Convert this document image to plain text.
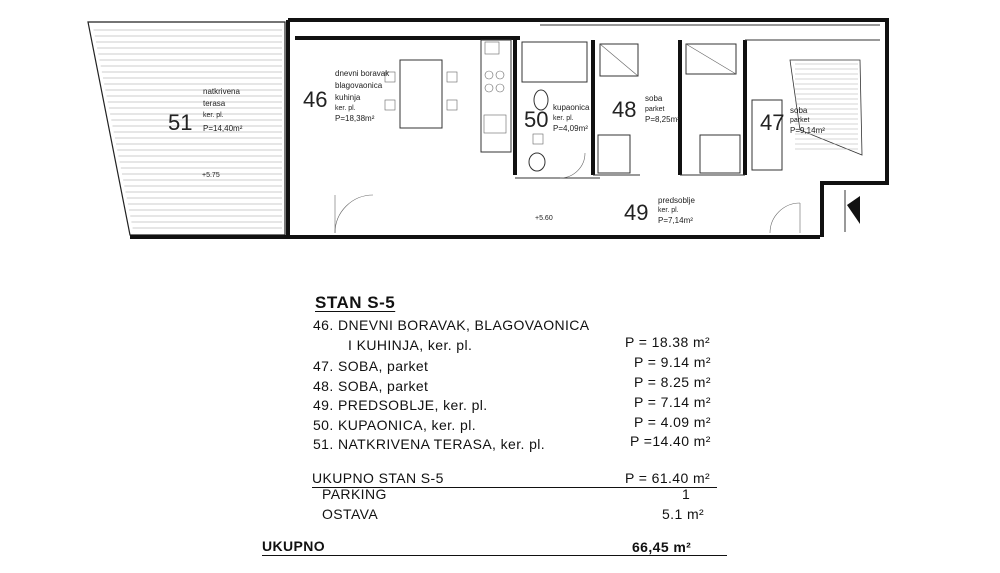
51
natkrivena
terasa
ker. pl.
P=14,40m²
+5.75
46
dnevni boravak
blagovaonica
kuhinja
ker. pl.
P=18,38m²	50 kupaonica
ker. pl.
P=4,09m²
+5.60
48 soba
parket
P=8,25m²	47 soba
parket
P=9,14m²
49 predsoblje
ker. pl.
P=7,14m²
STAN S-5
46. DNEVNI BORAVAK, BLAGOVAONICA
I KUHINJA, ker. pl.	P = 18.38 m²
47. SOBA, parket	P = 9.14 m²
48. SOBA, parket	P = 8.25 m²
49. PREDSOBLJE, ker. pl.	P = 7.14 m²
50. KUPAONICA, ker. pl.	P = 4.09 m²
51. NATKRIVENA TERASA, ker. pl.	P =14.40 m²
UKUPNO STAN S-5	P = 61.40 m²
PARKING	1
OSTAVA	5.1 m²
UKUPNO	66,45 m²
